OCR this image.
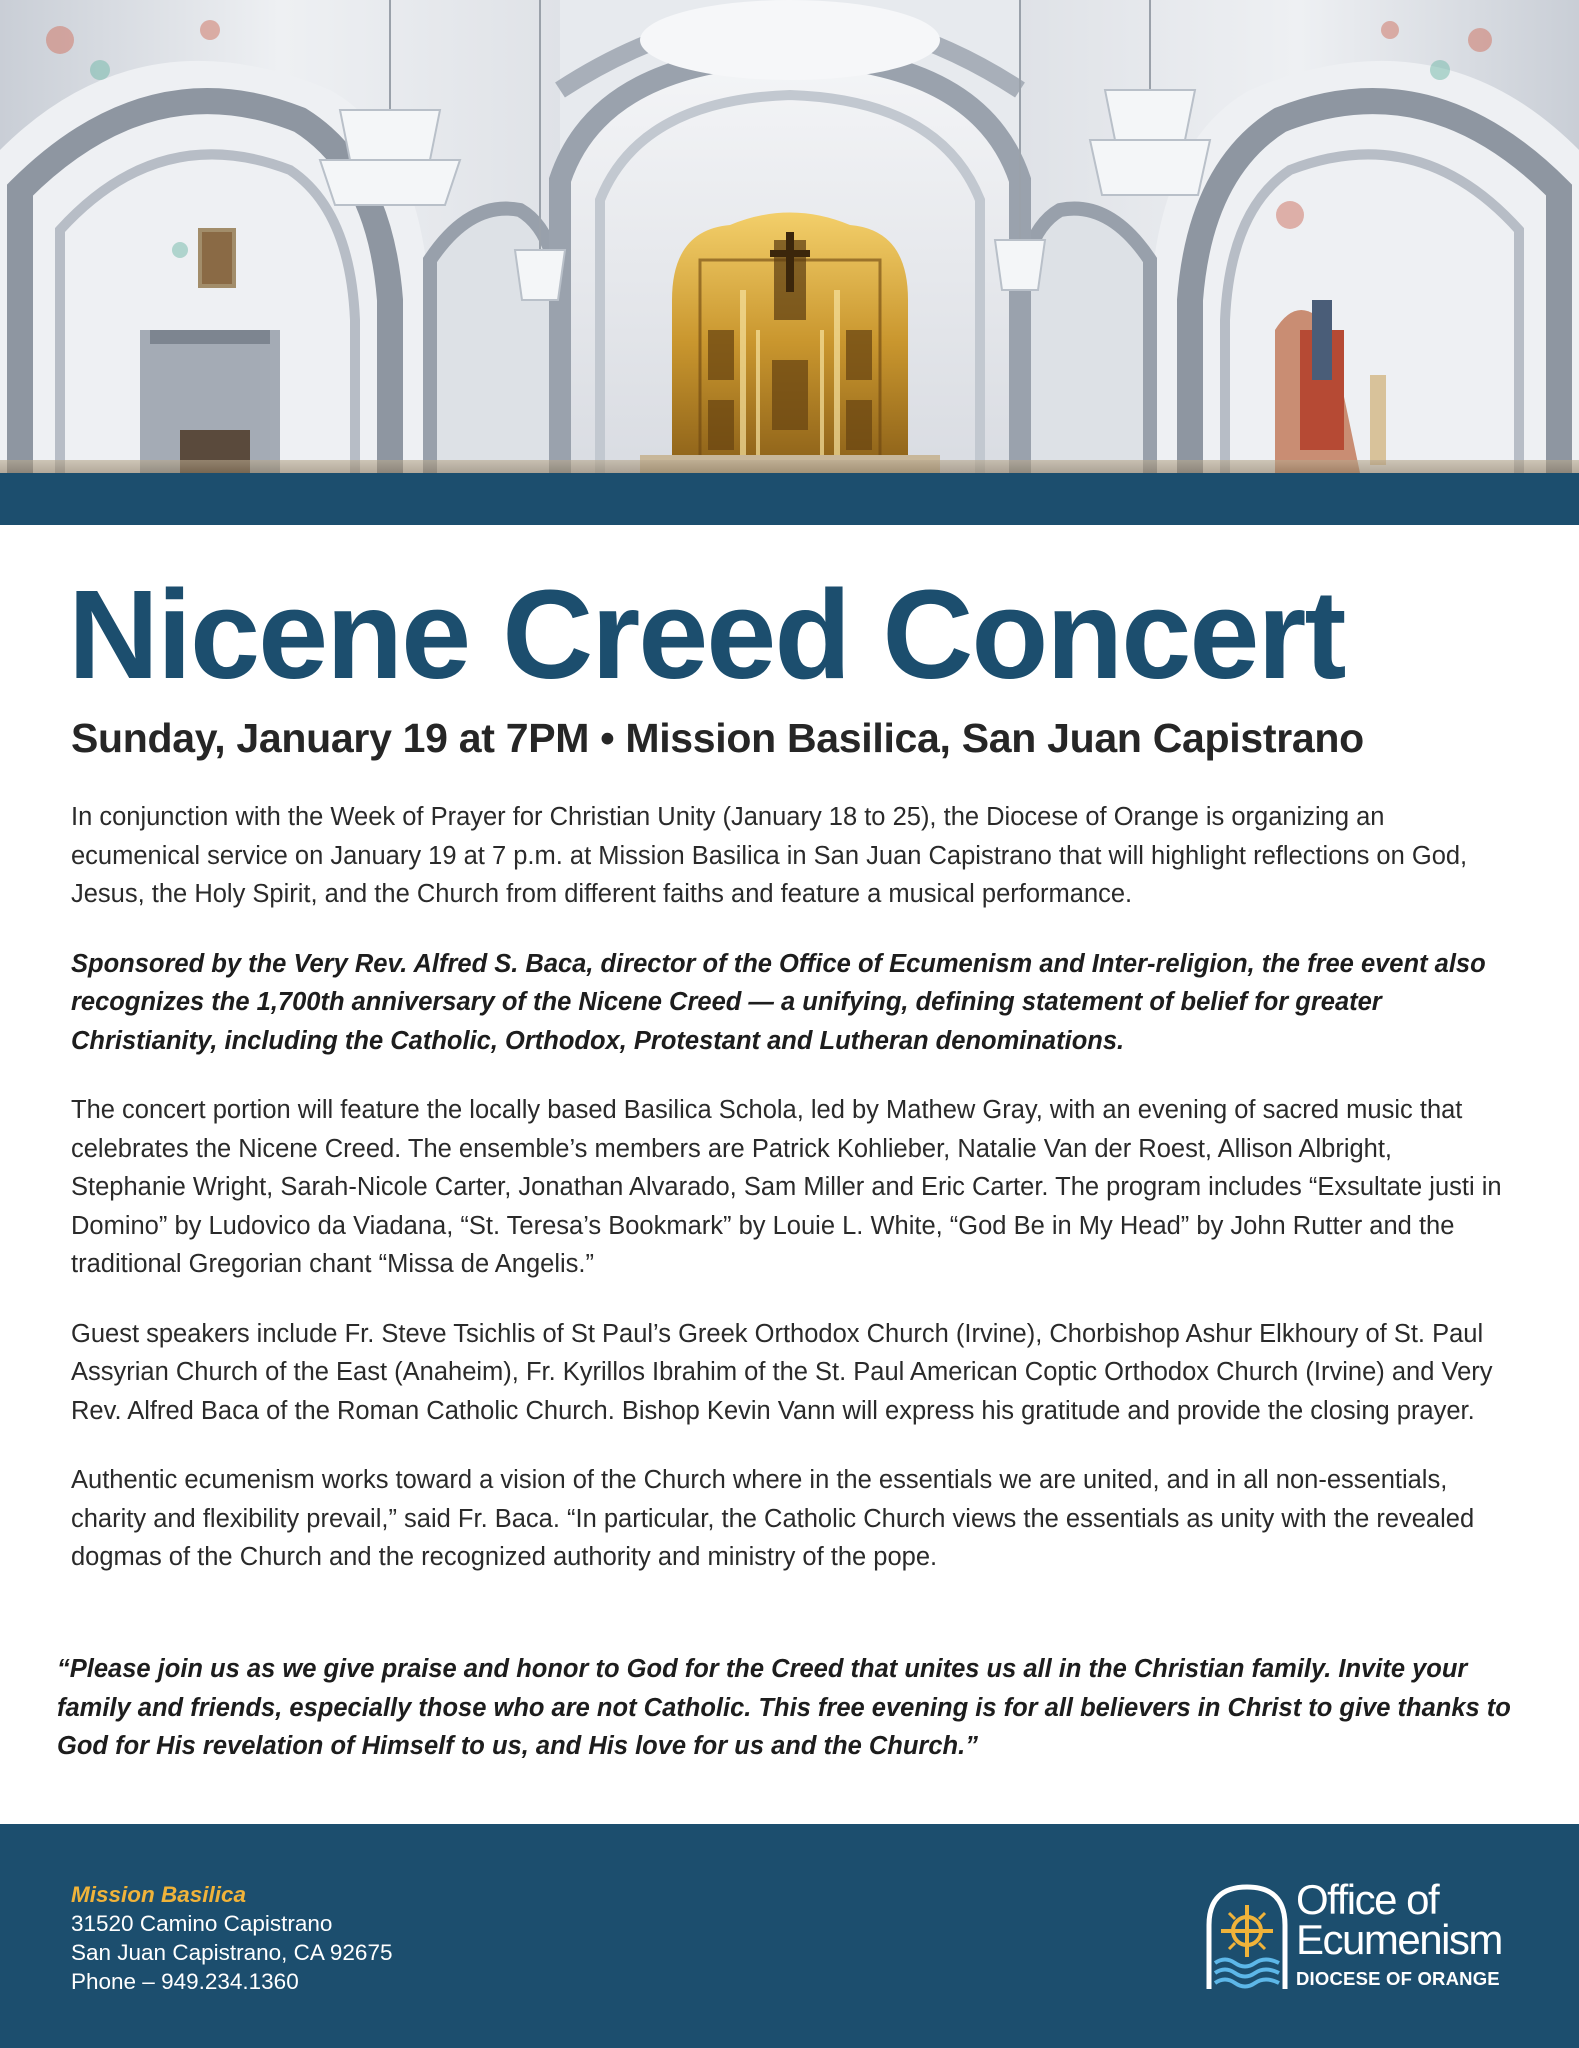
Nicene Creed Concert
Sunday, January 19 at 7PM • Mission Basilica, San Juan Capistrano

In conjunction with the Week of Prayer for Christian Unity (January 18 to 25), the Diocese of Orange is organizing an ecumenical service on January 19 at 7 p.m. at Mission Basilica in San Juan Capistrano that will highlight reflections on God, Jesus, the Holy Spirit, and the Church from different faiths and feature a musical performance.

Sponsored by the Very Rev. Alfred S. Baca, director of the Office of Ecumenism and Inter-religion, the free event also recognizes the 1,700th anniversary of the Nicene Creed — a unifying, defining statement of belief for greater Christianity, including the Catholic, Orthodox, Protestant and Lutheran denominations.

The concert portion will feature the locally based Basilica Schola, led by Mathew Gray, with an evening of sacred music that celebrates the Nicene Creed. The ensemble’s members are Patrick Kohlieber, Natalie Van der Roest, Allison Albright, Stephanie Wright, Sarah-Nicole Carter, Jonathan Alvarado, Sam Miller and Eric Carter. The program includes “Exsultate justi in Domino” by Ludovico da Viadana, “St. Teresa’s Bookmark” by Louie L. White, “God Be in My Head” by John Rutter and the traditional Gregorian chant “Missa de Angelis.”

Guest speakers include Fr. Steve Tsichlis of St Paul’s Greek Orthodox Church (Irvine), Chorbishop Ashur Elkhoury of St. Paul Assyrian Church of the East (Anaheim), Fr. Kyrillos Ibrahim of the St. Paul American Coptic Orthodox Church (Irvine) and Very Rev. Alfred Baca of the Roman Catholic Church. Bishop Kevin Vann will express his gratitude and provide the closing prayer.

Authentic ecumenism works toward a vision of the Church where in the essentials we are united, and in all non-essentials, charity and flexibility prevail,” said Fr. Baca. “In particular, the Catholic Church views the essentials as unity with the revealed dogmas of the Church and the recognized authority and ministry of the pope.

“Please join us as we give praise and honor to God for the Creed that unites us all in the Christian family. Invite your family and friends, especially those who are not Catholic. This free evening is for all believers in Christ to give thanks to God for His revelation of Himself to us, and His love for us and the Church.”

Mission Basilica
31520 Camino Capistrano
San Juan Capistrano, CA 92675
Phone – 949.234.1360
Office of
Ecumenism
DIOCESE OF ORANGE
